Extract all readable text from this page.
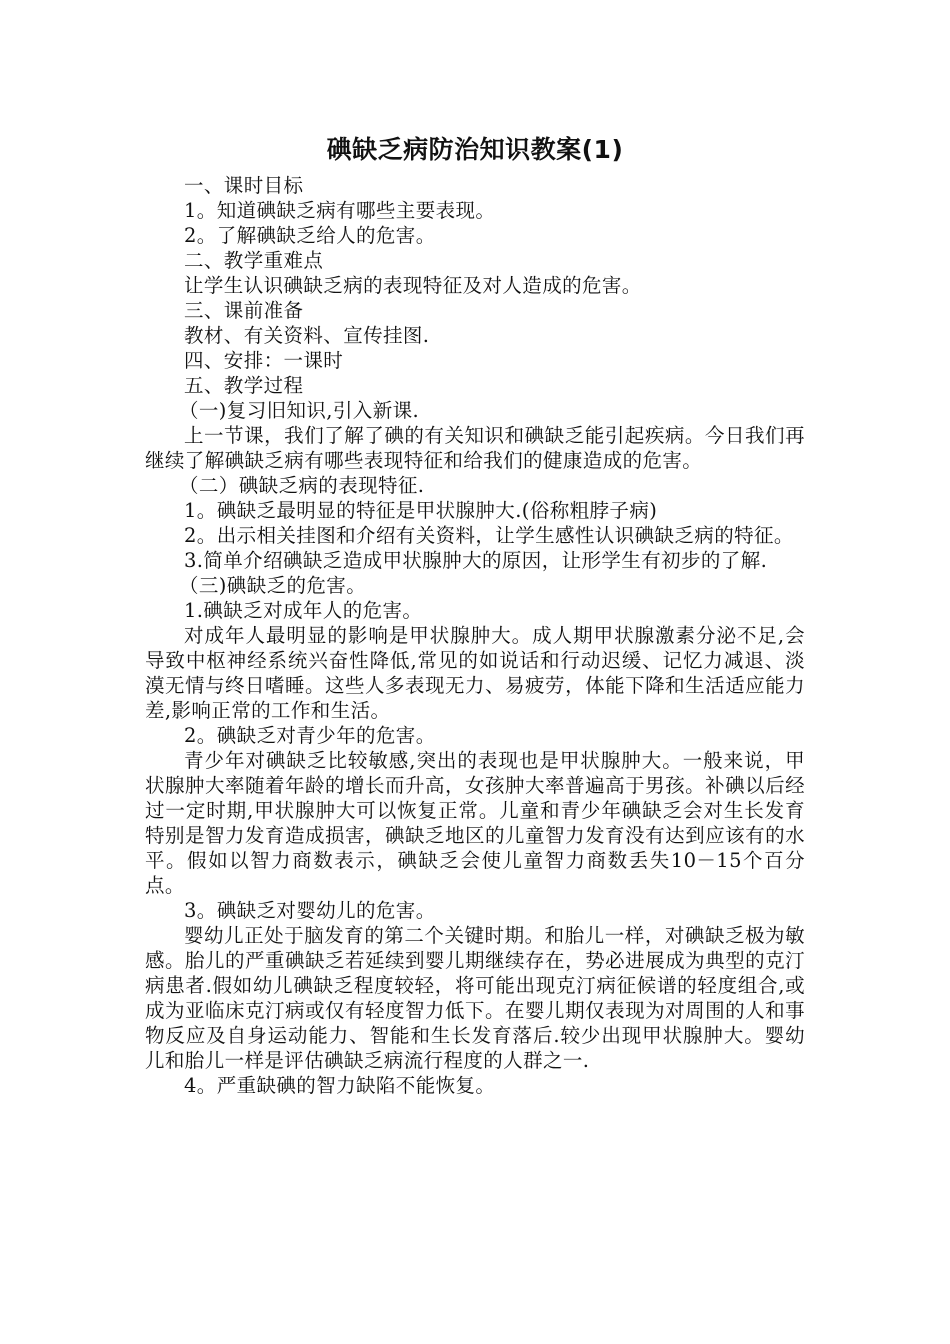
碘缺乏病防治知识教案(1)
一、课时目标
1。知道碘缺乏病有哪些主要表现。
2。了解碘缺乏给人的危害。
二、教学重难点
让学生认识碘缺乏病的表现特征及对人造成的危害。
三、课前准备
教材、有关资料、宣传挂图.
四、安排：一课时
五、教学过程
（一)复习旧知识,引入新课.
上一节课，我们了解了碘的有关知识和碘缺乏能引起疾病。今日我们再继续了解碘缺乏病有哪些表现特征和给我们的健康造成的危害。
（二）碘缺乏病的表现特征.
1。碘缺乏最明显的特征是甲状腺肿大.(俗称粗脖子病)
2。出示相关挂图和介绍有关资料，让学生感性认识碘缺乏病的特征。
3.简单介绍碘缺乏造成甲状腺肿大的原因，让形学生有初步的了解.
（三)碘缺乏的危害。
1.碘缺乏对成年人的危害。
对成年人最明显的影响是甲状腺肿大。成人期甲状腺激素分泌不足,会导致中枢神经系统兴奋性降低,常见的如说话和行动迟缓、记忆力减退、淡漠无情与终日嗜睡。这些人多表现无力、易疲劳，体能下降和生活适应能力差,影响正常的工作和生活。
2。碘缺乏对青少年的危害。
青少年对碘缺乏比较敏感,突出的表现也是甲状腺肿大。一般来说，甲状腺肿大率随着年龄的增长而升高，女孩肿大率普遍高于男孩。补碘以后经过一定时期,甲状腺肿大可以恢复正常。儿童和青少年碘缺乏会对生长发育特别是智力发育造成损害，碘缺乏地区的儿童智力发育没有达到应该有的水平。假如以智力商数表示，碘缺乏会使儿童智力商数丢失10－15个百分点。
3。碘缺乏对婴幼儿的危害。
婴幼儿正处于脑发育的第二个关键时期。和胎儿一样，对碘缺乏极为敏感。胎儿的严重碘缺乏若延续到婴儿期继续存在，势必进展成为典型的克汀病患者.假如幼儿碘缺乏程度较轻，将可能出现克汀病征候谱的轻度组合,或成为亚临床克汀病或仅有轻度智力低下。在婴儿期仅表现为对周围的人和事物反应及自身运动能力、智能和生长发育落后.较少出现甲状腺肿大。婴幼儿和胎儿一样是评估碘缺乏病流行程度的人群之一.
4。严重缺碘的智力缺陷不能恢复。
